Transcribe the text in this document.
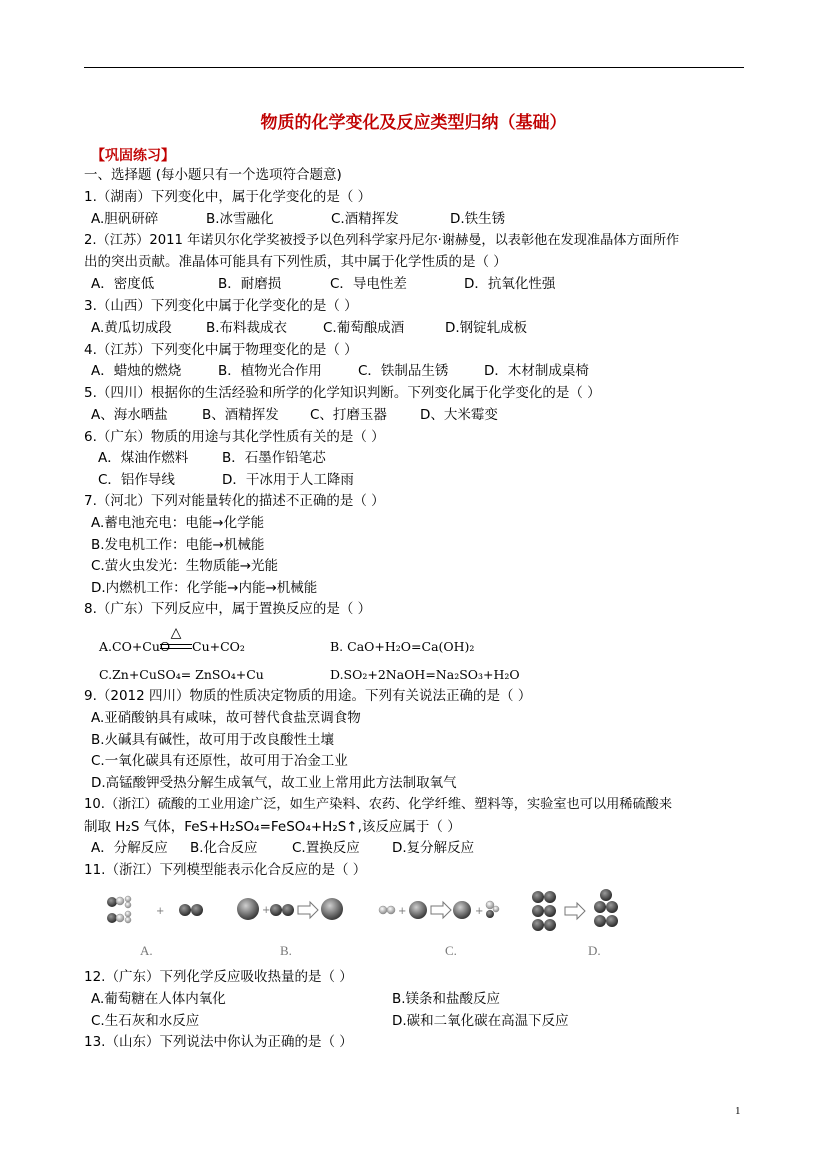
物质的化学变化及反应类型归纳（基础）
【巩固练习】
一、选择题 (每小题只有一个选项符合题意)
1.（湖南）下列变化中，属于化学变化的是（ ）
A.胆矾研碎	B.冰雪融化	C.酒精挥发	D.铁生锈
2.（江苏）2011 年诺贝尔化学奖被授予以色列科学家丹尼尔·谢赫曼，以表彰他在发现准晶体方面所作
出的突出贡献。准晶体可能具有下列性质，其中属于化学性质的是（ ）
A．密度低	B．耐磨损	C．导电性差	D．抗氧化性强
3.（山西）下列变化中属于化学变化的是（ ）
A.黄瓜切成段	B.布料裁成衣	C.葡萄酿成酒	D.钢锭轧成板
4.（江苏）下列变化中属于物理变化的是（ ）
A．蜡烛的燃烧	B．植物光合作用	C．铁制品生锈	D．木材制成桌椅
5.（四川）根据你的生活经验和所学的化学知识判断。下列变化属于化学变化的是（ ）
A、海水晒盐	B、酒精挥发 C、打磨玉器 D、大米霉变
6.（广东）物质的用途与其化学性质有关的是（ ）
A．煤油作燃料	B．石墨作铅笔芯
C．铝作导线	D．干冰用于人工降雨
7.（河北）下列对能量转化的描述不正确的是（ ）
A.蓄电池充电：电能→化学能
B.发电机工作：电能→机械能
C.萤火虫发光：生物质能→光能
D.内燃机工作：化学能→内能→机械能
8.（广东）下列反应中，属于置换反应的是（ ）
A.CO+CuO
△
Cu+CO₂	B. CaO+H₂O=Ca(OH)₂
C.Zn+CuSO₄= ZnSO₄+Cu	D.SO₂+2NaOH=Na₂SO₃+H₂O
9.（2012 四川）物质的性质决定物质的用途。下列有关说法正确的是（ ）
A.亚硝酸钠具有咸味，故可替代食盐烹调食物
B.火碱具有碱性，故可用于改良酸性土壤
C.一氧化碳具有还原性，故可用于冶金工业
D.高锰酸钾受热分解生成氧气，故工业上常用此方法制取氧气
10.（浙江）硫酸的工业用途广泛，如生产染料、农药、化学纤维、塑料等，实验室也可以用稀硫酸来
制取 H₂S 气体，FeS+H₂SO₄=FeSO₄+H₂S↑,该反应属于（ ）
A．分解反应 B.化合反应	C.置换反应 D.复分解反应
11.（浙江）下列模型能表示化合反应的是（ ）
+
A.
+
B.
+	+
C.	D.
12.（广东）下列化学反应吸收热量的是（ ）
A.葡萄糖在人体内氧化	B.镁条和盐酸反应
C.生石灰和水反应	D.碳和二氧化碳在高温下反应
13.（山东）下列说法中你认为正确的是（ ）
1
